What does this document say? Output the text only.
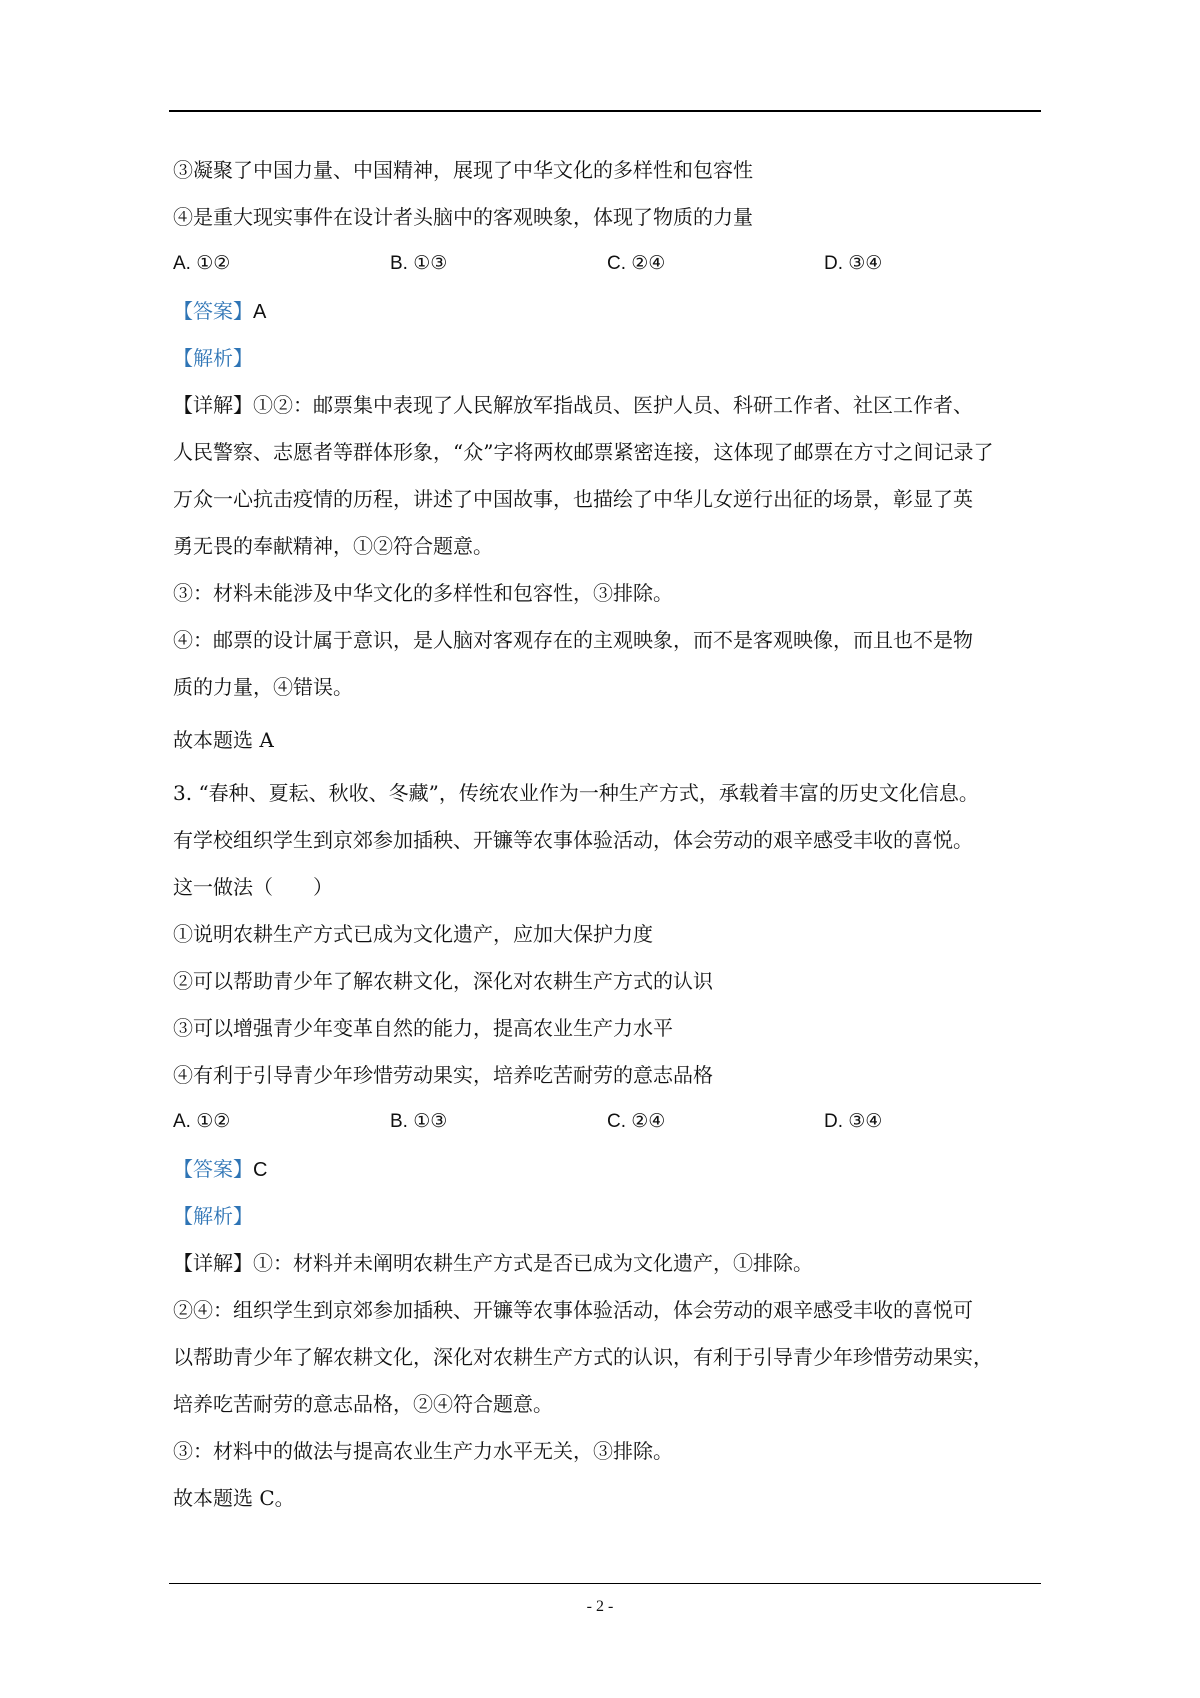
③凝聚了中国力量、中国精神，展现了中华文化的多样性和包容性
④是重大现实事件在设计者头脑中的客观映象，体现了物质的力量
A. ①②	B. ①③	C. ②④	D. ③④
【答案】A
【解析】
【详解】①②：邮票集中表现了人民解放军指战员、医护人员、科研工作者、社区工作者、
人民警察、志愿者等群体形象，“众”字将两枚邮票紧密连接，这体现了邮票在方寸之间记录了
万众一心抗击疫情的历程，讲述了中国故事，也描绘了中华儿女逆行出征的场景，彰显了英
勇无畏的奉献精神，①②符合题意。
③：材料未能涉及中华文化的多样性和包容性，③排除。
④：邮票的设计属于意识，是人脑对客观存在的主观映象，而不是客观映像，而且也不是物
质的力量，④错误。
故本题选 A
3. “春种、夏耘、秋收、冬藏”，传统农业作为一种生产方式，承载着丰富的历史文化信息。
有学校组织学生到京郊参加插秧、开镰等农事体验活动，体会劳动的艰辛感受丰收的喜悦。
这一做法（　　）
①说明农耕生产方式已成为文化遗产，应加大保护力度
②可以帮助青少年了解农耕文化，深化对农耕生产方式的认识
③可以增强青少年变革自然的能力，提高农业生产力水平
④有利于引导青少年珍惜劳动果实，培养吃苦耐劳的意志品格
A. ①②	B. ①③	C. ②④	D. ③④
【答案】C
【解析】
【详解】①：材料并未阐明农耕生产方式是否已成为文化遗产，①排除。
②④：组织学生到京郊参加插秧、开镰等农事体验活动，体会劳动的艰辛感受丰收的喜悦可
以帮助青少年了解农耕文化，深化对农耕生产方式的认识，有利于引导青少年珍惜劳动果实，
培养吃苦耐劳的意志品格，②④符合题意。
③：材料中的做法与提高农业生产力水平无关，③排除。
故本题选 C。
- 2 -
